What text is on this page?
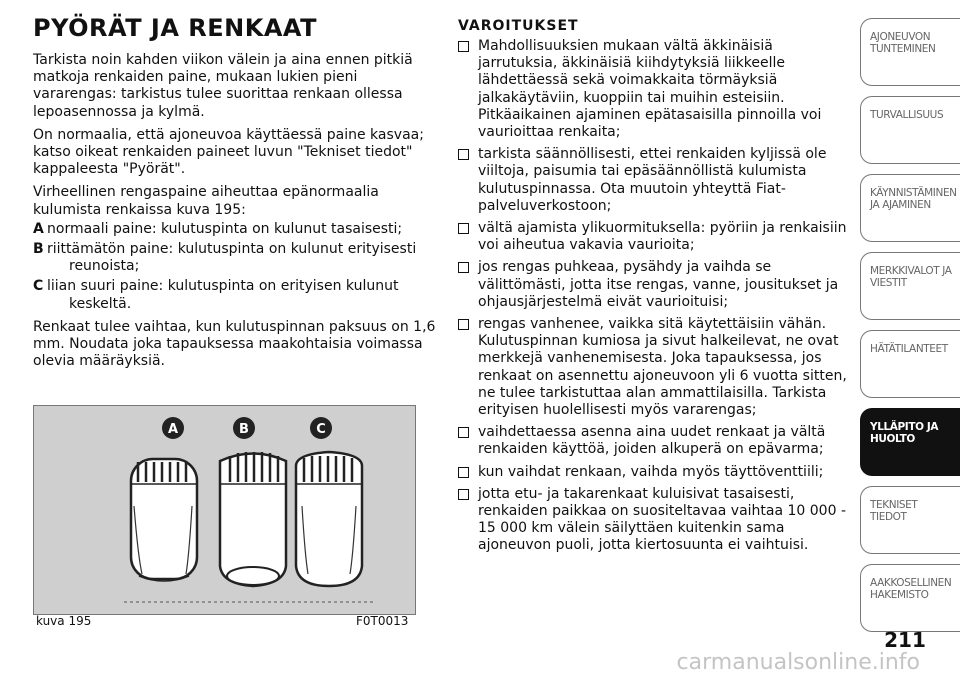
PYÖRÄT JA RENKAAT

Tarkista noin kahden viikon välein ja aina ennen pitkiä matkoja renkaiden paine, mukaan lukien pieni vararengas: tarkistus tulee suorittaa renkaan ollessa lepoasennossa ja kylmä.

On normaalia, että ajoneuvoa käyttäessä paine kasvaa; katso oikeat renkaiden paineet luvun "Tekniset tiedot" kappaleesta "Pyörät".

Virheellinen rengaspaine aiheuttaa epänormaalia kulumista renkaissa kuva 195:

A normaali paine: kulutuspinta on kulunut tasaisesti;
B riittämätön paine: kulutuspinta on kulunut erityisesti reunoista;
C liian suuri paine: kulutuspinta on erityisen kulunut keskeltä.

Renkaat tulee vaihtaa, kun kulutuspinnan paksuus on 1,6 mm. Noudata joka tapauksessa maakohtaisia voimassa olevia määräyksiä.

A	B	C
kuva 195	F0T0013
VAROITUKSET
Mahdollisuuksien mukaan vältä äkkinäisiä jarrutuksia, äkkinäisiä kiihdytyksiä liikkeelle lähdettäessä sekä voimakkaita törmäyksiä jalkakäytäviin, kuoppiin tai muihin esteisiin. Pitkäaikainen ajaminen epätasaisilla pinnoilla voi vaurioittaa renkaita;
tarkista säännöllisesti, ettei renkaiden kyljissä ole viiltoja, paisumia tai epäsäännöllistä kulumista kulutuspinnassa. Ota muutoin yhteyttä Fiat-palveluverkostoon;
vältä ajamista ylikuormituksella: pyöriin ja renkaisiin voi aiheutua vakavia vaurioita;
jos rengas puhkeaa, pysähdy ja vaihda se välittömästi, jotta itse rengas, vanne, jousitukset ja ohjausjärjestelmä eivät vaurioituisi;
rengas vanhenee, vaikka sitä käytettäisiin vähän. Kulutuspinnan kumiosa ja sivut halkeilevat, ne ovat merkkejä vanhenemisesta. Joka tapauksessa, jos renkaat on asennettu ajoneuvoon yli 6 vuotta sitten, ne tulee tarkistuttaa alan ammattilaisilla. Tarkista erityisen huolellisesti myös vararengas;
vaihdettaessa asenna aina uudet renkaat ja vältä renkaiden käyttöä, joiden alkuperä on epävarma;
kun vaihdat renkaan, vaihda myös täyttöventtiili;
jotta etu- ja takarenkaat kuluisivat tasaisesti, renkaiden paikkaa on suositeltavaa vaihtaa 10 000 - 15 000 km välein säilyttäen kuitenkin sama ajoneuvon puoli, jotta kiertosuunta ei vaihtuisi.
AJONEUVON TUNTEMINEN
TURVALLISUUS
KÄYNNISTÄMINEN JA AJAMINEN
MERKKIVALOT JA VIESTIT
HÄTÄTILANTEET
YLLÄPITO JA HUOLTO
TEKNISET TIEDOT
AAKKOSELLINEN HAKEMISTO
211
carmanualsonline.info
